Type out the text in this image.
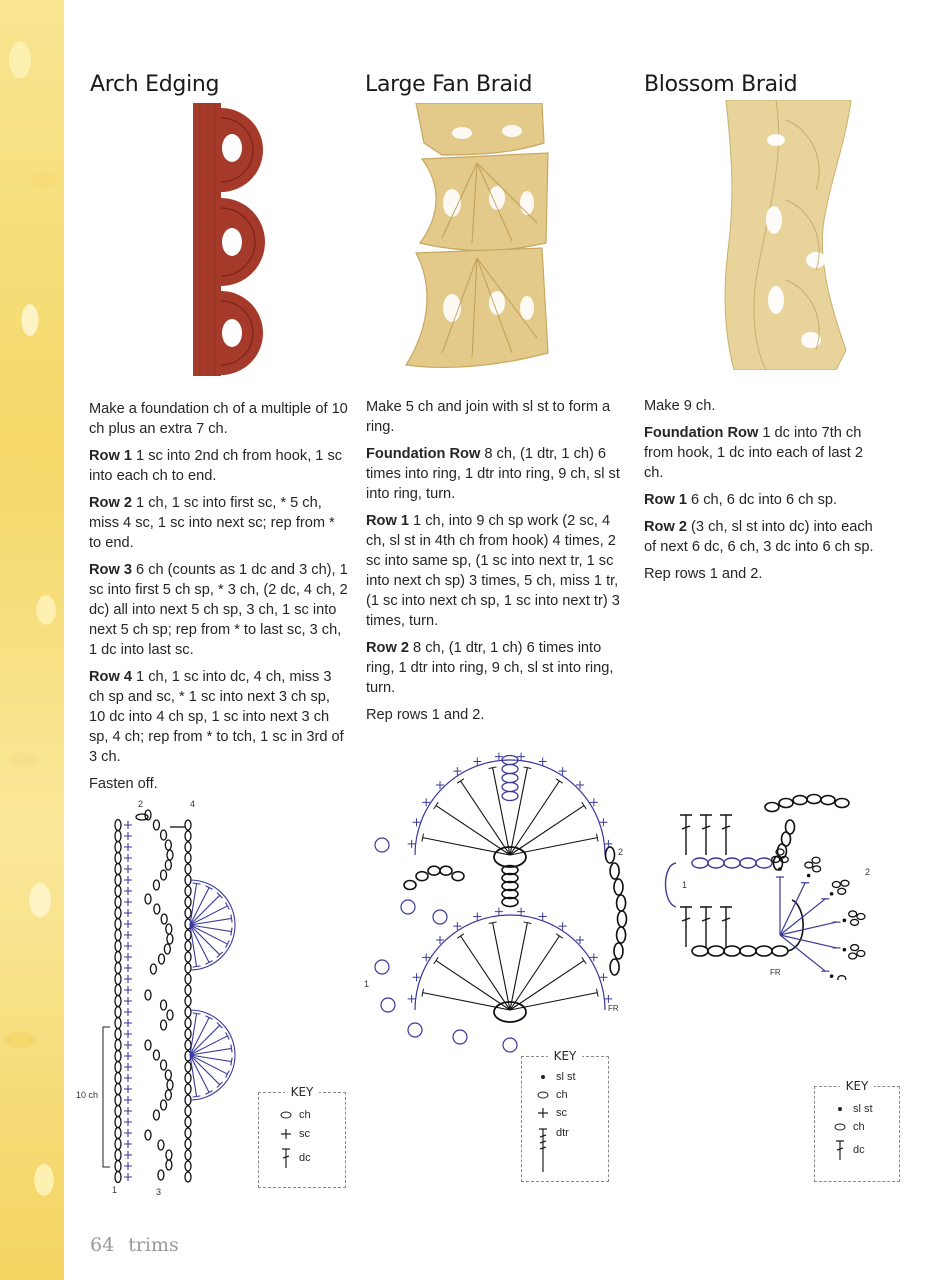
Arch Edging

Make a foundation ch of a multiple of 10 ch plus an extra 7 ch.

Row 1 1 sc into 2nd ch from hook, 1 sc into each ch to end.

Row 2 1 ch, 1 sc into first sc, * 5 ch, miss 4 sc, 1 sc into next sc; rep from * to end.

Row 3 6 ch (counts as 1 dc and 3 ch), 1 sc into first 5 ch sp, * 3 ch, (2 dc, 4 ch, 2 dc) all into next 5 ch sp, 3 ch, 1 sc into next 5 ch sp; rep from * to last sc, 3 ch, 1 dc into last sc.

Row 4 1 ch, 1 sc into dc, 4 ch, miss 3 ch sp and sc, * 1 sc into next 3 ch sp, 10 dc into 4 ch sp, 1 sc into next 3 ch sp, 4 ch; rep from * to tch, 1 sc in 3rd of 3 ch.

Fasten off.

2	4
1	3
10 ch	KEY
ch
sc
dc
Large Fan Braid

Make 5 ch and join with sl st to form a ring.

Foundation Row 8 ch, (1 dtr, 1 ch) 6 times into ring, 1 dtr into ring, 9 ch, sl st into ring, turn.

Row 1 1 ch, into 9 ch sp work (2 sc, 4 ch, sl st in 4th ch from hook) 4 times, 2 sc into same sp, (1 sc into next tr, 1 sc into next ch sp) 3 times, 5 ch, miss 1 tr, (1 sc into next ch sp, 1 sc into next tr) 3 times, turn.

Row 2 8 ch, (1 dtr, 1 ch) 6 times into ring, 1 dtr into ring, 9 ch, sl st into ring, turn.

Rep rows 1 and 2.

1
2
FR
KEY
sl st
ch
sc
dtr
Blossom Braid

Make 9 ch.

Foundation Row 1 dc into 7th ch from hook, 1 dc into each of last 2 ch.

Row 1 6 ch, 6 dc into 6 ch sp.

Row 2 (3 ch, sl st into dc) into each of next 6 dc, 6 ch, 3 dc into 6 ch sp.

Rep rows 1 and 2.

1
2
FR
KEY
sl st
ch
dc
64 trims
